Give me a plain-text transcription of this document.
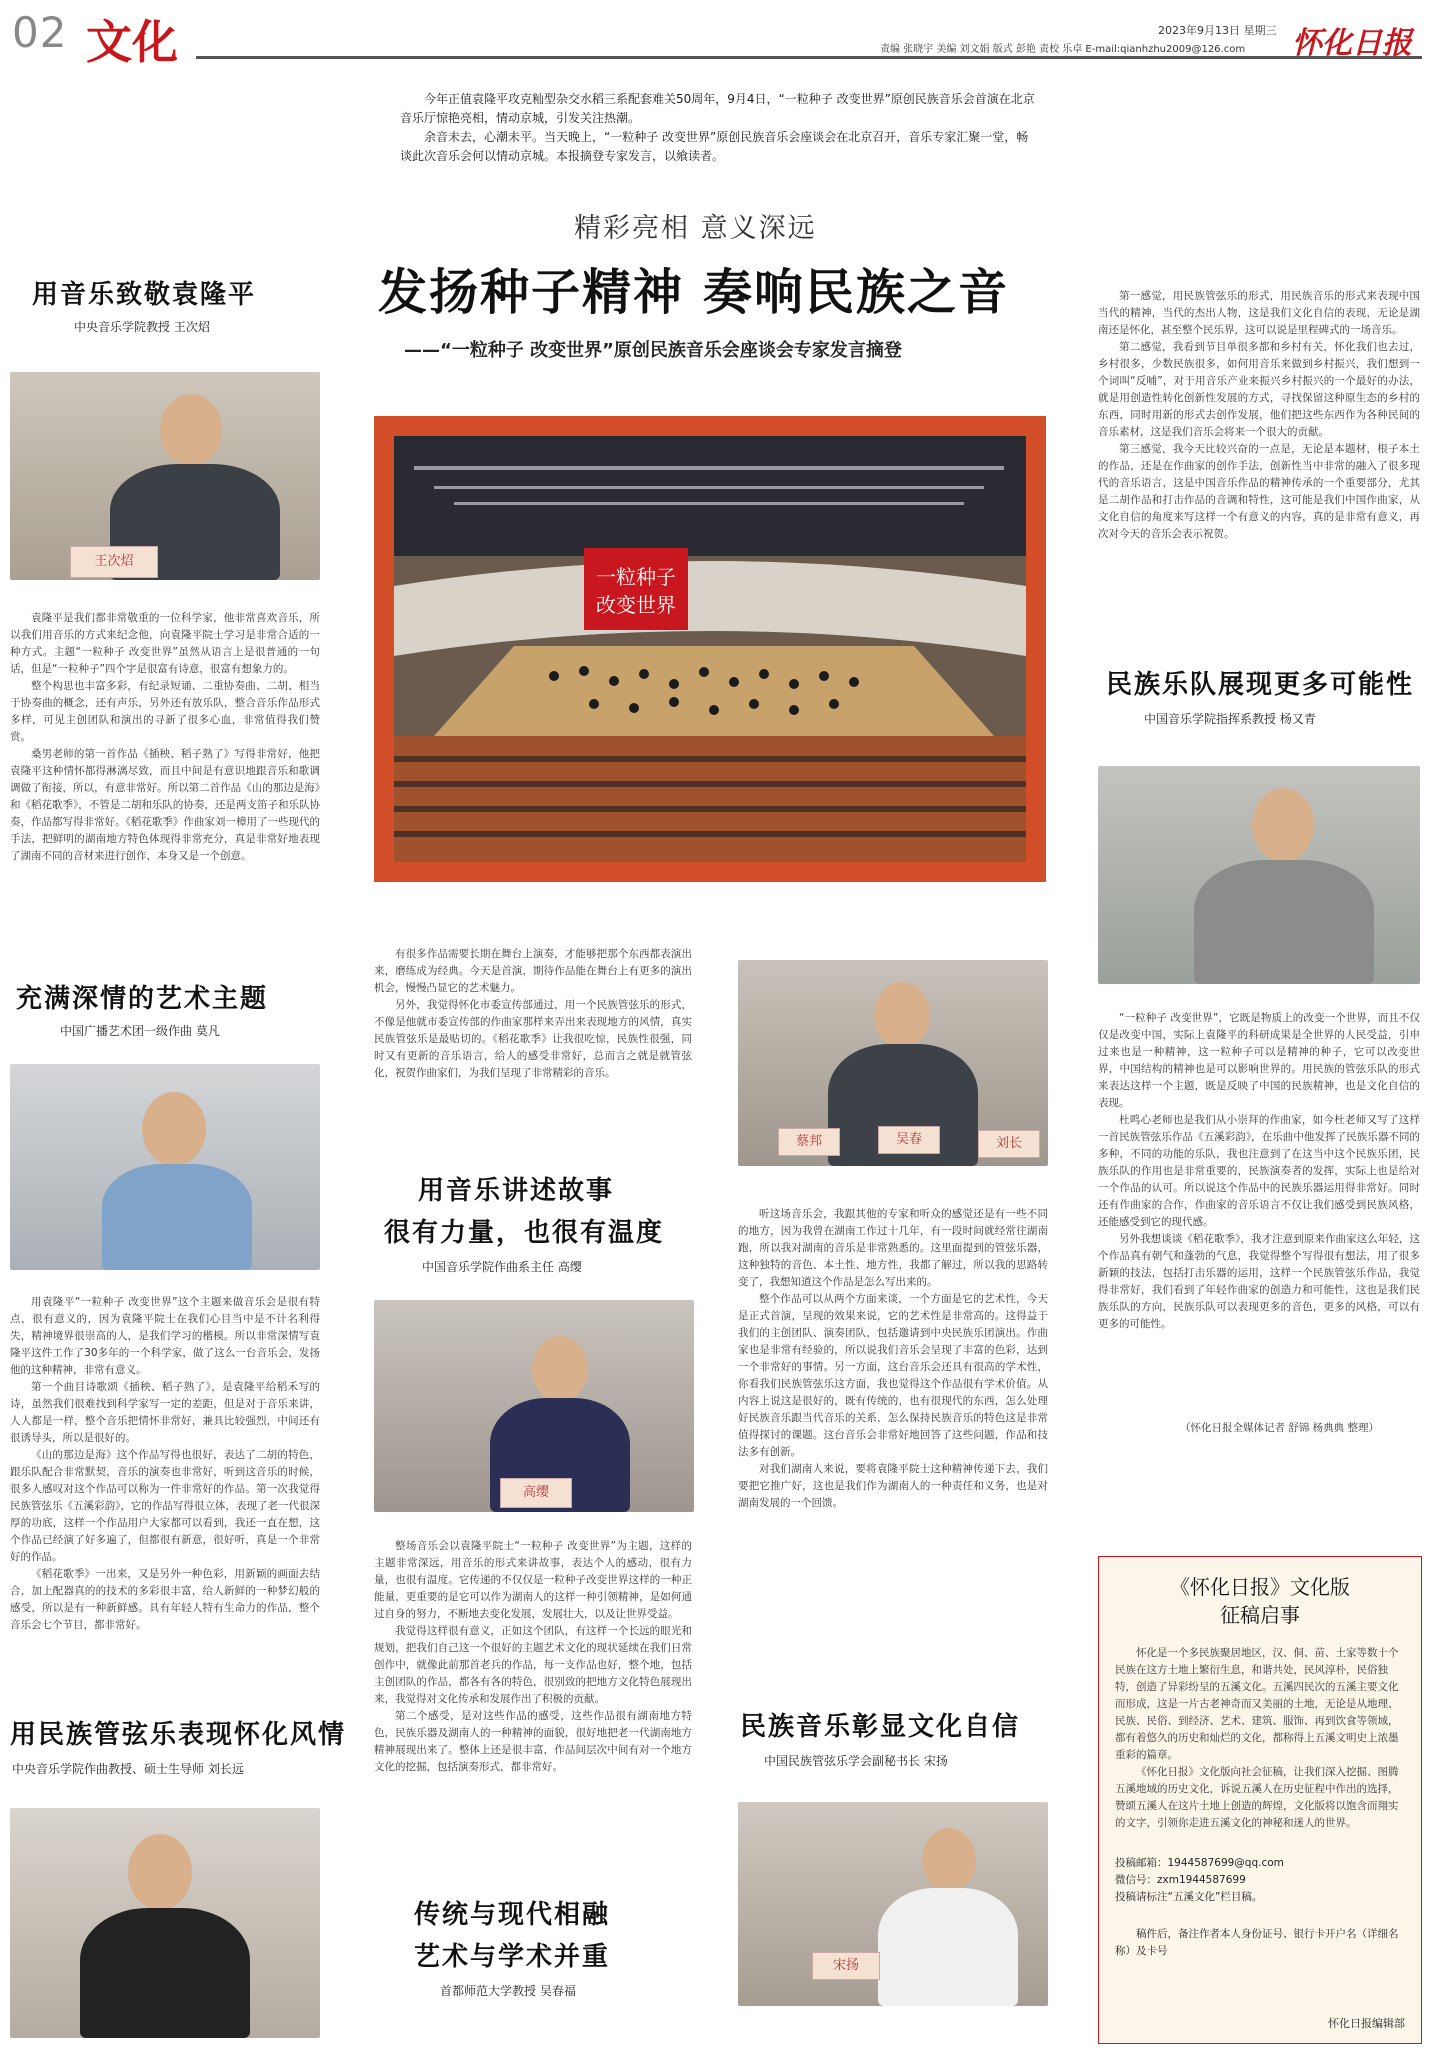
02 文化	2023年9月13日 星期三
责编 张晓宇 美编 刘文娟 版式 彭艳 责校 乐卓 E-mail:qianhzhu2009@126.com	怀化日报

今年正值袁隆平攻克籼型杂交水稻三系配套难关50周年，9月4日，“一粒种子 改变世界”原创民族音乐会首演在北京音乐厅惊艳亮相，情动京城，引发关注热潮。

余音未去，心潮未平。当天晚上，“一粒种子 改变世界”原创民族音乐会座谈会在北京召开，音乐专家汇聚一堂，畅谈此次音乐会何以情动京城。本报摘登专家发言，以飨读者。

精彩亮相 意义深远
发扬种子精神 奏响民族之音
——“一粒种子 改变世界”原创民族音乐会座谈会专家发言摘登
一粒种子
改变世界
用音乐致敬袁隆平
中央音乐学院教授 王次炤
王次炤

袁隆平是我们都非常敬重的一位科学家，他非常喜欢音乐，所以我们用音乐的方式来纪念他，向袁隆平院士学习是非常合适的一种方式。主题“一粒种子 改变世界”虽然从语言上是很普通的一句话，但是“一粒种子”四个字是很富有诗意，很富有想象力的。

整个构思也丰富多彩，有纪录短诵、二重协奏曲、二胡、相当于协奏曲的概念，还有声乐，另外还有放乐队，整合音乐作品形式多样，可见主创团队和演出的寻新了很多心血，非常值得我们赞赏。

桑男老师的第一首作品《插秧、稻子熟了》写得非常好，他把袁隆平这种情怀都得淋漓尽致，而且中间是有意识地跟音乐和歌调调做了衔接，所以，有意非常好。所以第二首作品《山的那边是海》和《稻花歌季》，不管是二胡和乐队的协奏，还是两支笛子和乐队协奏，作品都写得非常好。《稻花歌季》作曲家刘一樟用了一些现代的手法，把鲜明的湖南地方特色体现得非常充分，真是非常好地表现了湖南不同的音材来进行创作，本身又是一个创意。

充满深情的艺术主题
中国广播艺术团一级作曲 莫凡

用袁隆平“一粒种子 改变世界”这个主题来做音乐会是很有特点，很有意义的，因为袁隆平院士在我们心目当中是不计名利得失，精神境界很崇高的人，是我们学习的楷模。所以非常深情写袁隆平这件工作了30多年的一个科学家，做了这么一台音乐会，发扬他的这种精神，非常有意义。

第一个曲目诗歌颂《插秧、稻子熟了》，是袁隆平给稻禾写的诗，虽然我们很难找到科学家写一定的差距，但是对于音乐来讲，人人都是一样，整个音乐把情怀非常好，兼具比较强烈，中间还有很诱导头，所以是很好的。

《山的那边是海》这个作品写得也很好，表达了二胡的特色，跟乐队配合非常默契，音乐的演奏也非常好，听到这音乐的时候，很多人感叹对这个作品可以称为一件非常好的作品。第一次我觉得民族管弦乐《五溪彩韵》，它的作品写得很立体，表现了老一代很深厚的功底，这样一个作品用户大家都可以看到，我还一直在想，这个作品已经演了好多遍了，但都很有新意，很好听，真是一个非常好的作品。

《稻花歌季》一出来，又是另外一种色彩，用新颖的画面去结合，加上配器真的的技术的多彩很丰富，给人新鲜的一种梦幻般的感受，所以是有一种新鲜感。具有年轻人特有生命力的作品，整个音乐会七个节目，都非常好。

用民族管弦乐表现怀化风情
中央音乐学院作曲教授、硕士生导师 刘长远

有很多作品需要长期在舞台上演奏，才能够把那个东西都表演出来，磨练成为经典。今天是首演，期待作品能在舞台上有更多的演出机会，慢慢凸显它的艺术魅力。

另外，我觉得怀化市委宣传部通过，用一个民族管弦乐的形式，不像是他就市委宣传部的作曲家那样来弄出来表现地方的风情，真实民族管弦乐是最贴切的。《稻花歌季》让我很吃惊，民族性很强，同时又有更新的音乐语言，给人的感受非常好，总而言之就是就管弦化，祝贺作曲家们，为我们呈现了非常精彩的音乐。

用音乐讲述故事
很有力量，也很有温度
中国音乐学院作曲系主任 高缨
高缨

整场音乐会以袁隆平院士“一粒种子 改变世界”为主题，这样的主题非常深远，用音乐的形式来讲故事，表达个人的感动，很有力量，也很有温度。它传递的不仅仅是一粒种子改变世界这样的一种正能量，更重要的是它可以作为湖南人的这样一种引领精神，是如何通过自身的努力，不断地去变化发展，发展壮大，以及让世界受益。

我觉得这样很有意义，正如这个团队，有这样一个长远的眼光和规划，把我们自己这一个很好的主题艺术文化的现状延续在我们日常创作中，就像此前那首老兵的作品，每一支作品也好，整个地，包括主创团队的作品，都各有各的特色，很别致的把地方文化特色展现出来，我觉得对文化传承和发展作出了积极的贡献。

第二个感受，是对这些作品的感受，这些作品很有湖南地方特色，民族乐器及湖南人的一种精神的面貌，很好地把老一代湖南地方精神展现出来了。整体上还是很丰富，作品间层次中间有对一个地方文化的挖掘，包括演奏形式，都非常好。

传统与现代相融
艺术与学术并重
首都师范大学教授 吴春福
蔡邦	吴春	刘长

听这场音乐会，我跟其他的专家和听众的感觉还是有一些不同的地方，因为我曾在湖南工作过十几年，有一段时间就经常往湖南跑，所以我对湖南的音乐是非常熟悉的。这里面提到的管弦乐器，这种独特的音色、本土性、地方性，我都了解过，所以我的思路转变了，我想知道这个作品是怎么写出来的。

整个作品可以从两个方面来谈，一个方面是它的艺术性，今天是正式首演，呈现的效果来说，它的艺术性是非常高的。这得益于我们的主创团队、演奏团队，包括邀请到中央民族乐团演出。作曲家也是非常有经验的，所以说我们音乐会呈现了丰富的色彩，达到一个非常好的事情。另一方面，这台音乐会还具有很高的学术性，你看我们民族管弦乐这方面，我也觉得这个作品很有学术价值。从内容上说这是很好的，既有传统的，也有很现代的东西，怎么处理好民族音乐跟当代音乐的关系，怎么保持民族音乐的特色这是非常值得探讨的课题。这台音乐会非常好地回答了这些问题，作品和技法多有创新。

对我们湖南人来说，要将袁隆平院士这种精神传递下去，我们要把它推广好，这也是我们作为湖南人的一种责任和义务，也是对湖南发展的一个回馈。

民族音乐彰显文化自信
中国民族管弦乐学会副秘书长 宋扬
宋扬

第一感觉，用民族管弦乐的形式，用民族音乐的形式来表现中国当代的精神，当代的杰出人物，这是我们文化自信的表现，无论是湖南还是怀化，甚至整个民乐界，这可以说是里程碑式的一场音乐。

第二感觉，我看到节目单很多都和乡村有关，怀化我们也去过，乡村很多，少数民族很多，如何用音乐来做到乡村振兴，我们想到一个词叫“反哺”，对于用音乐产业来振兴乡村振兴的一个最好的办法，就是用创造性转化创新性发展的方式，寻找保留这种原生态的乡村的东西，同时用新的形式去创作发展，他们把这些东西作为各种民间的音乐素材，这是我们音乐会将来一个很大的贡献。

第三感觉，我今天比较兴奋的一点是，无论是本题材，根子本土的作品，还是在作曲家的创作手法，创新性当中非常的融入了很多现代的音乐语言，这是中国音乐作品的精神传承的一个重要部分，尤其是二胡作品和打击作品的音调和特性，这可能是我们中国作曲家，从文化自信的角度来写这样一个有意义的内容，真的是非常有意义，再次对今天的音乐会表示祝贺。

民族乐队展现更多可能性
中国音乐学院指挥系教授 杨又青

“一粒种子 改变世界”，它既是物质上的改变一个世界，而且不仅仅是改变中国，实际上袁隆平的科研成果是全世界的人民受益，引申过来也是一种精神，这一粒种子可以是精神的种子，它可以改变世界，中国结构的精神也是可以影响世界的。用民族的管弦乐队的形式来表达这样一个主题，既是反映了中国的民族精神，也是文化自信的表现。

杜鸣心老师也是我们从小崇拜的作曲家，如今杜老师又写了这样一首民族管弦乐作品《五溪彩韵》，在乐曲中他发挥了民族乐器不同的多种，不同的功能的乐队，我也注意到了在这当中这个民族乐团，民族乐队的作用也是非常重要的，民族演奏者的发挥，实际上也是给对一个作品的认可。所以说这个作品中的民族乐器运用得非常好。同时还有作曲家的合作，作曲家的音乐语言不仅让我们感受到民族风格，还能感受到它的现代感。

另外我想谈谈《稻花歌季》，我才注意到原来作曲家这么年轻，这个作品真有朝气和蓬勃的气息，我觉得整个写得很有想法，用了很多新颖的技法，包括打击乐器的运用，这样一个民族管弦乐作品，我觉得非常好，我们看到了年轻作曲家的创造力和可能性，这也是我们民族乐队的方向，民族乐队可以表现更多的音色，更多的风格，可以有更多的可能性。

（怀化日报全媒体记者 舒锦 杨典典 整理）
《怀化日报》文化版
征稿启事

怀化是一个多民族聚居地区，汉、侗、苗、土家等数十个民族在这方土地上繁衍生息，和谐共处，民风淳朴，民俗独特，创造了异彩纷呈的五溪文化。五溪四民次的五溪主要文化而形成，这是一片古老神奇而又美丽的土地，无论是从地理、民族、民俗、到经济、艺术、建筑、服饰、再到饮食等领域，都有着悠久的历史和灿烂的文化，都称得上五溪文明史上浓墨重彩的篇章。

《怀化日报》文化版向社会征稿，让我们深入挖掘、图腾五溪地域的历史文化，诉说五溪人在历史征程中作出的选择，赞颂五溪人在这片土地上创造的辉煌，文化版将以饱含而翔实的文字，引领你走进五溪文化的神秘和迷人的世界。

投稿邮箱：1944587699@qq.com
微信号：zxm1944587699
投稿请标注“五溪文化”栏目稿。
稿件后，备注作者本人身份证号、银行卡开户名（详细名称）及卡号
怀化日报编辑部
